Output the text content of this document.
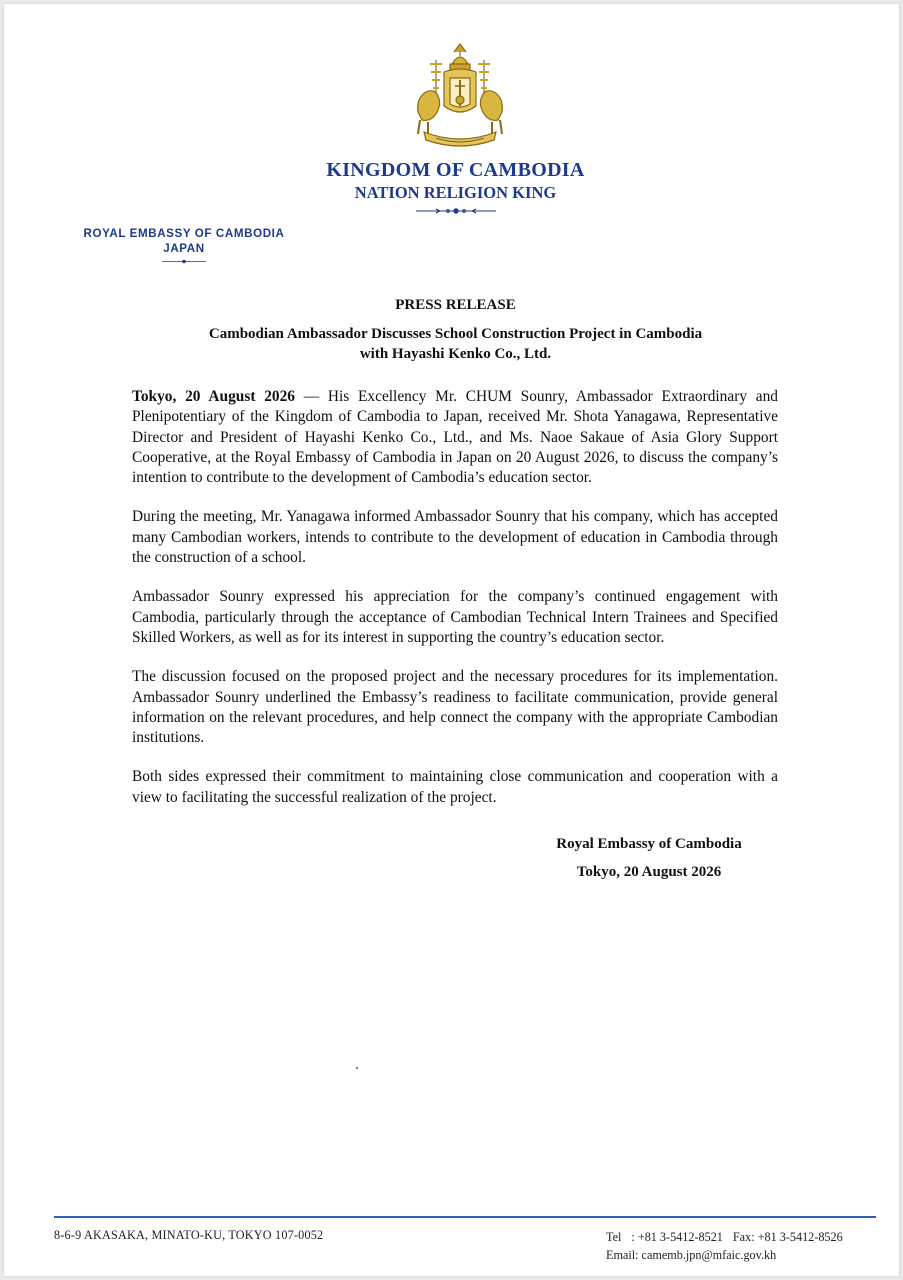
KINGDOM OF CAMBODIA
NATION RELIGION KING
ROYAL EMBASSY OF CAMBODIA
JAPAN
PRESS RELEASE
Cambodian Ambassador Discusses School Construction Project in Cambodia
with Hayashi Kenko Co., Ltd.

Tokyo, 20 August 2026 — His Excellency Mr. CHUM Sounry, Ambassador Extraordinary and Plenipotentiary of the Kingdom of Cambodia to Japan, received Mr. Shota Yanagawa, Representative Director and President of Hayashi Kenko Co., Ltd., and Ms. Naoe Sakaue of Asia Glory Support Cooperative, at the Royal Embassy of Cambodia in Japan on 20 August 2026, to discuss the company’s intention to contribute to the development of Cambodia’s education sector.

During the meeting, Mr. Yanagawa informed Ambassador Sounry that his company, which has accepted many Cambodian workers, intends to contribute to the development of education in Cambodia through the construction of a school.

Ambassador Sounry expressed his appreciation for the company’s continued engagement with Cambodia, particularly through the acceptance of Cambodian Technical Intern Trainees and Specified Skilled Workers, as well as for its interest in supporting the country’s education sector.

The discussion focused on the proposed project and the necessary procedures for its implementation. Ambassador Sounry underlined the Embassy’s readiness to facilitate communication, provide general information on the relevant procedures, and help connect the company with the appropriate Cambodian institutions.

Both sides expressed their commitment to maintaining close communication and cooperation with a view to facilitating the successful realization of the project.

Royal Embassy of Cambodia
Tokyo, 20 August 2026
8-6-9 AKASAKA, MINATO-KU, TOKYO 107-0052	Tel : +81 3-5412-8521 Fax: +81 3-5412-8526
Email: camemb.jpn@mfaic.gov.kh
